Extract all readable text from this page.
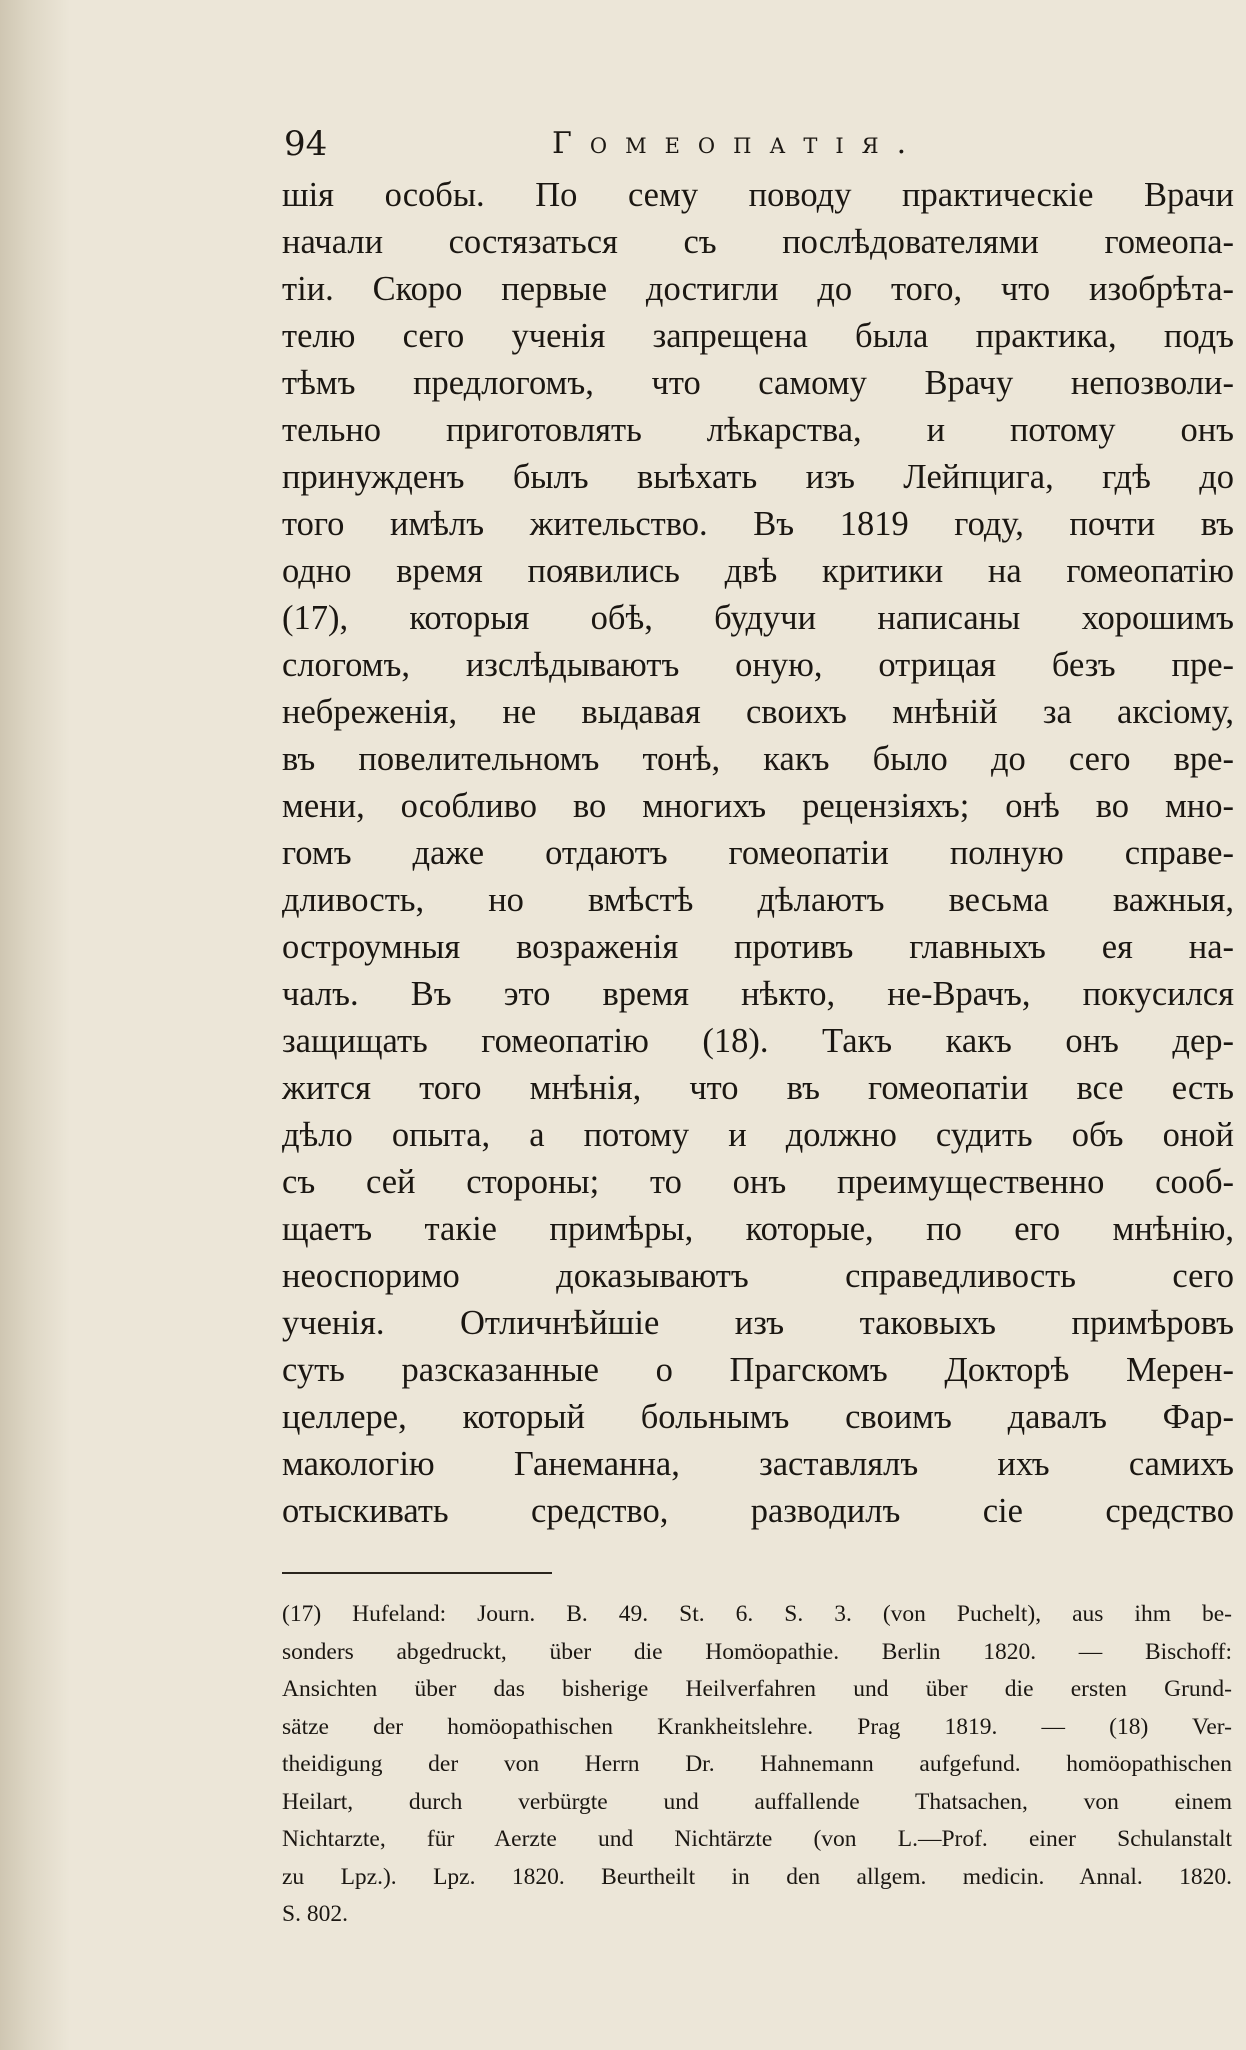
94	Гомеопатія.
шія особы. По сему поводу практическіе Врачи
начали состязаться съ послѣдователями гомеопа-
тіи. Скоро первые достигли до того, что изобрѣта-
телю сего ученія запрещена была практика, подъ
тѣмъ предлогомъ, что самому Врачу непозволи-
тельно приготовлять лѣкарства, и потому онъ
принужденъ былъ выѣхать изъ Лейпцига, гдѣ до
того имѣлъ жительство. Въ 1819 году, почти въ
одно время появились двѣ критики на гомеопатію
(17), которыя обѣ, будучи написаны хорошимъ
слогомъ, изслѣдываютъ оную, отрицая безъ пре-
небреженія, не выдавая своихъ мнѣній за аксіому,
въ повелительномъ тонѣ, какъ было до сего вре-
мени, особливо во многихъ рецензіяхъ; онѣ во мно-
гомъ даже отдаютъ гомеопатіи полную справе-
дливость, но вмѣстѣ дѣлаютъ весьма важныя,
остроумныя возраженія противъ главныхъ ея на-
чалъ. Въ это время нѣкто, не-Врачъ, покусился
защищать гомеопатію (18). Такъ какъ онъ дер-
жится того мнѣнія, что въ гомеопатіи все есть
дѣло опыта, а потому и должно судить объ оной
съ сей стороны; то онъ преимущественно сооб-
щаетъ такіе примѣры, которые, по его мнѣнію,
неоспоримо доказываютъ справедливость сего
ученія. Отличнѣйшіе изъ таковыхъ примѣровъ
суть разсказанные о Прагскомъ Докторѣ Меpен-
целлере, который больнымъ своимъ давалъ Фар-
макологію Ганеманна, заставлялъ ихъ самихъ
отыскивать средство, разводилъ сіе средство
(17) Hufeland: Journ. B. 49. St. 6. S. 3. (von Puchelt), aus ihm be-
sonders abgedruckt, über die Homöopathie. Berlin 1820. — Bischoff:
Ansichten über das bisherige Heilverfahren und über die ersten Grund-
sätze der homöopathischen Krankheitslehre. Prag 1819. — (18) Ver-
theidigung der von Herrn Dr. Hahnemann aufgefund. homöopathischen
Heilart, durch verbürgte und auffallende Thatsachen, von einem
Nichtarzte, für Aerzte und Nichtärzte (von L.—Prof. einer Schulanstalt
zu Lpz.). Lpz. 1820. Beurtheilt in den allgem. medicin. Annal. 1820.
S. 802.
